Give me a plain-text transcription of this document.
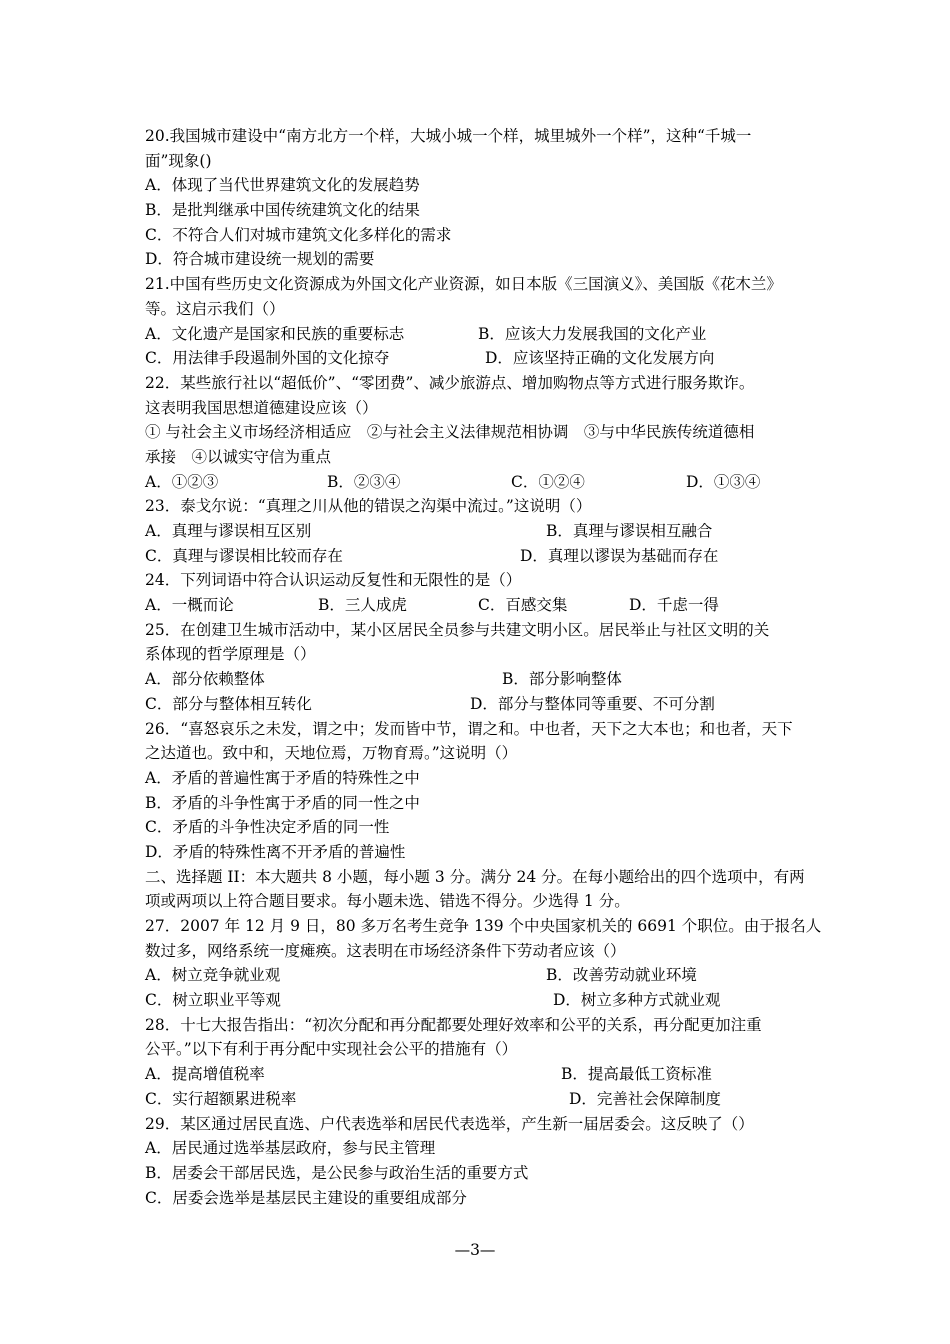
20.我国城市建设中“南方北方一个样，大城小城一个样，城里城外一个样”，这种“千城一
面”现象()
A．体现了当代世界建筑文化的发展趋势
B．是批判继承中国传统建筑文化的结果
C．不符合人们对城市建筑文化多样化的需求
D．符合城市建设统一规划的需要
21.中国有些历史文化资源成为外国文化产业资源，如日本版《三国演义》、美国版《花木兰》
等。这启示我们（）
A．文化遗产是国家和民族的重要标志	B．应该大力发展我国的文化产业
C．用法律手段遏制外国的文化掠夺	D．应该坚持正确的文化发展方向
22．某些旅行社以“超低价”、“零团费”、减少旅游点、增加购物点等方式进行服务欺诈。
这表明我国思想道德建设应该（）
① 与社会主义市场经济相适应　②与社会主义法律规范相协调　③与中华民族传统道德相
承接　④以诚实守信为重点
A．①②③	B．②③④	C．①②④	D．①③④
23．泰戈尔说：“真理之川从他的错误之沟渠中流过。”这说明（）
A．真理与谬误相互区别	B．真理与谬误相互融合
C．真理与谬误相比较而存在	D．真理以谬误为基础而存在
24．下列词语中符合认识运动反复性和无限性的是（）
A．一概而论	B．三人成虎	C．百感交集	D．千虑一得
25．在创建卫生城市活动中，某小区居民全员参与共建文明小区。居民举止与社区文明的关
系体现的哲学原理是（）
A．部分依赖整体	B．部分影响整体
C．部分与整体相互转化	D．部分与整体同等重要、不可分割
26．“喜怒哀乐之未发，谓之中；发而皆中节，谓之和。中也者，天下之大本也；和也者，天下
之达道也。致中和，天地位焉，万物育焉。”这说明（）
A．矛盾的普遍性寓于矛盾的特殊性之中
B．矛盾的斗争性寓于矛盾的同一性之中
C．矛盾的斗争性决定矛盾的同一性
D．矛盾的特殊性离不开矛盾的普遍性
二、选择题 II：本大题共 8 小题，每小题 3 分。满分 24 分。在每小题给出的四个选项中，有两
项或两项以上符合题目要求。每小题未选、错选不得分。少选得 1 分。
27．2007 年 12 月 9 日，80 多万名考生竞争 139 个中央国家机关的 6691 个职位。由于报名人
数过多，网络系统一度瘫痪。这表明在市场经济条件下劳动者应该（）
A．树立竞争就业观	B．改善劳动就业环境
C．树立职业平等观	D．树立多种方式就业观
28．十七大报告指出：“初次分配和再分配都要处理好效率和公平的关系，再分配更加注重
公平。”以下有利于再分配中实现社会公平的措施有（）
A．提高增值税率	B．提高最低工资标准
C．实行超额累进税率	D．完善社会保障制度
29．某区通过居民直选、户代表选举和居民代表选举，产生新一届居委会。这反映了（）
A．居民通过选举基层政府，参与民主管理
B．居委会干部居民选，是公民参与政治生活的重要方式
C．居委会选举是基层民主建设的重要组成部分
—3—
